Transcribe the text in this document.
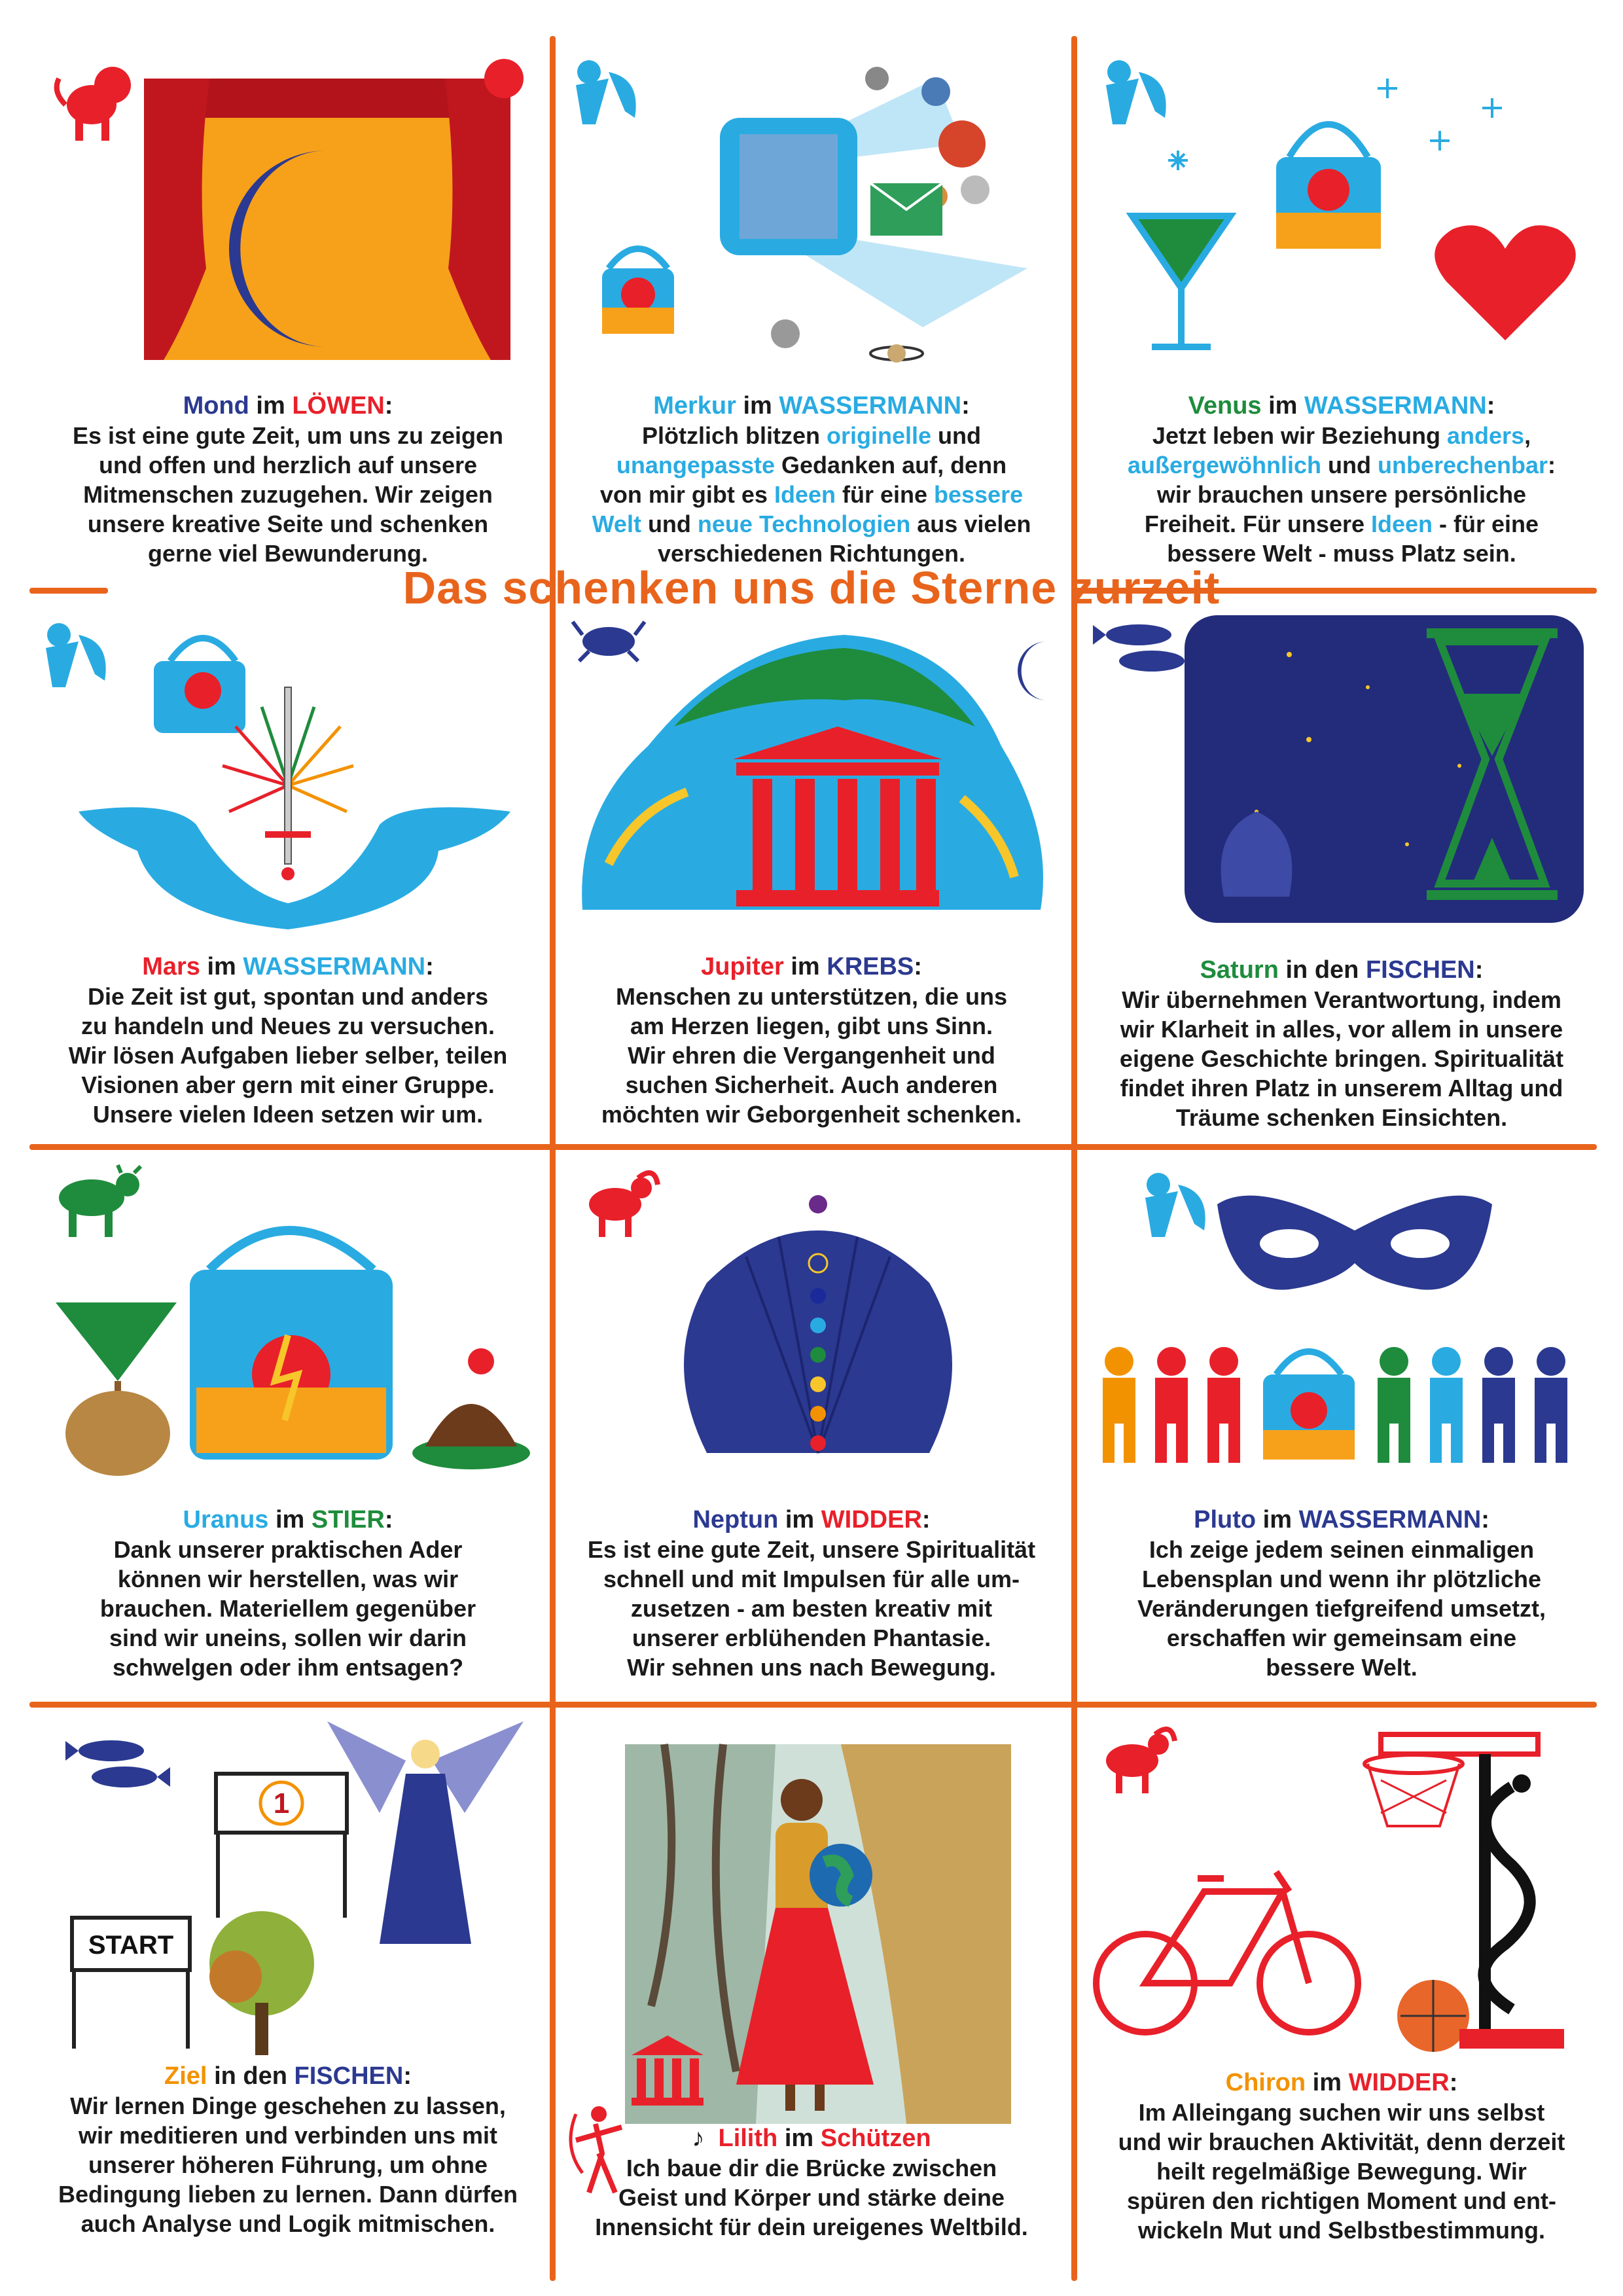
Das schenken uns die Sterne zurzeit
Mond im LÖWEN:
Es ist eine gute Zeit, um uns zu zeigen
und offen und herzlich auf unsere
Mitmenschen zuzugehen. Wir zeigen
unsere kreative Seite und schenken
gerne viel Bewunderung.
Merkur im WASSERMANN:
Plötzlich blitzen originelle und
unangepasste Gedanken auf, denn
von mir gibt es Ideen für eine bessere
Welt und neue Technologien aus vielen
verschiedenen Richtungen.
Venus im WASSERMANN:
Jetzt leben wir Beziehung anders,
außergewöhnlich und unberechenbar:
wir brauchen unsere persönliche
Freiheit. Für unsere Ideen - für eine
bessere Welt - muss Platz sein.
Mars im WASSERMANN:
Die Zeit ist gut, spontan und anders
zu handeln und Neues zu versuchen.
Wir lösen Aufgaben lieber selber, teilen
Visionen aber gern mit einer Gruppe.
Unsere vielen Ideen setzen wir um.
Jupiter im KREBS:
Menschen zu unterstützen, die uns
am Herzen liegen, gibt uns Sinn.
Wir ehren die Vergangenheit und
suchen Sicherheit. Auch anderen
möchten wir Geborgenheit schenken.
Saturn in den FISCHEN:
Wir übernehmen Verantwortung, indem
wir Klarheit in alles, vor allem in unsere
eigene Geschichte bringen. Spiritualität
findet ihren Platz in unserem Alltag und
Träume schenken Einsichten.
Uranus im STIER:
Dank unserer praktischen Ader
können wir herstellen, was wir
brauchen. Materiellem gegenüber
sind wir uneins, sollen wir darin
schwelgen oder ihm entsagen?
Neptun im WIDDER:
Es ist eine gute Zeit, unsere Spiritualität
schnell und mit Impulsen für alle um-
zusetzen - am besten kreativ mit
unserer erblühenden Phantasie.
Wir sehnen uns nach Bewegung.
Pluto im WASSERMANN:
Ich zeige jedem seinen einmaligen
Lebensplan und wenn ihr plötzliche
Veränderungen tiefgreifend umsetzt,
erschaffen wir gemeinsam eine
bessere Welt.
1
START
Ziel in den FISCHEN:
Wir lernen Dinge geschehen zu lassen,
wir meditieren und verbinden uns mit
unserer höheren Führung, um ohne
Bedingung lieben zu lernen. Dann dürfen
auch Analyse und Logik mitmischen.
♪ Lilith im Schützen
Ich baue dir die Brücke zwischen
Geist und Körper und stärke deine
Innensicht für dein ureigenes Weltbild.
Chiron im WIDDER:
Im Alleingang suchen wir uns selbst
und wir brauchen Aktivität, denn derzeit
heilt regelmäßige Bewegung. Wir
spüren den richtigen Moment und ent-
wickeln Mut und Selbstbestimmung.
